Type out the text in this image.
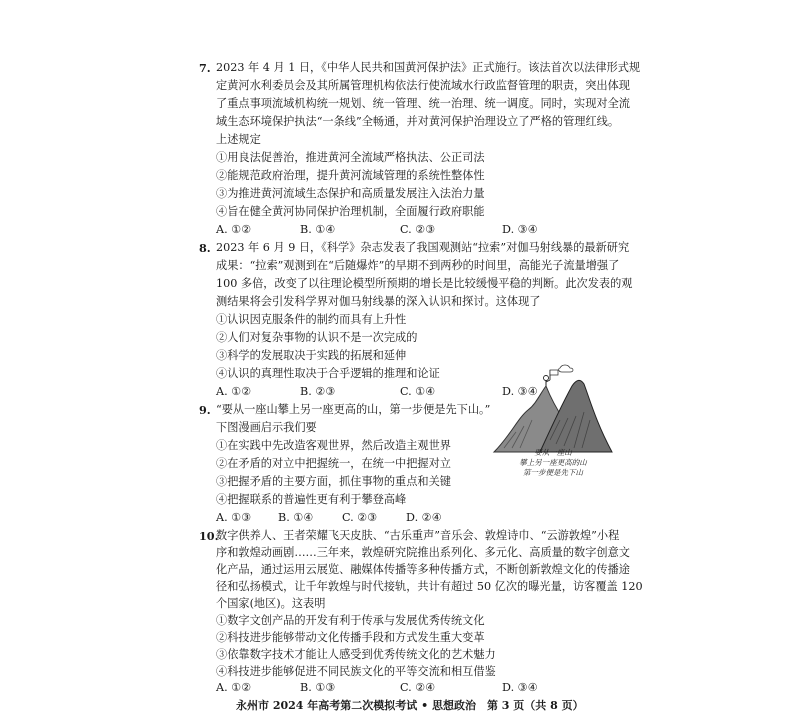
7. 2023 年 4 月 1 日，《中华人民共和国黄河保护法》正式施行。该法首次以法律形式规
定黄河水利委员会及其所属管理机构依法行使流域水行政监督管理的职责，突出体现
了重点事项流域机构统一规划、统一管理、统一治理、统一调度。同时，实现对全流
域生态环境保护执法“一条线”全畅通，并对黄河保护治理设立了严格的管理红线。
上述规定
①用良法促善治，推进黄河全流域严格执法、公正司法
②能规范政府治理，提升黄河流域管理的系统性整体性
③为推进黄河流域生态保护和高质量发展注入法治力量
④旨在健全黄河协同保护治理机制，全面履行政府职能
A. ①②	B. ①④	C. ②③	D. ③④
8. 2023 年 6 月 9 日，《科学》杂志发表了我国观测站“拉索”对伽马射线暴的最新研究
成果：“拉索”观测到在“后随爆炸”的早期不到两秒的时间里，高能光子流量增强了
100 多倍，改变了以往理论模型所预期的增长是比较缓慢平稳的判断。此次发表的观
测结果将会引发科学界对伽马射线暴的深入认识和探讨。这体现了
①认识因克服条件的制约而具有上升性
②人们对复杂事物的认识不是一次完成的
③科学的发展取决于实践的拓展和延伸
④认识的真理性取决于合乎逻辑的推理和论证
A. ①②	B. ②③	C. ①④	D. ③④
9. “要从一座山攀上另一座更高的山，第一步便是先下山。”
下图漫画启示我们要
①在实践中先改造客观世界，然后改造主观世界
②在矛盾的对立中把握统一，在统一中把握对立
③把握矛盾的主要方面，抓住事物的重点和关键
④把握联系的普遍性更有利于攀登高峰
A. ①③ B. ①④	C. ②③	D. ②④
要从一座山
攀上另一座更高的山
第一步便是先下山
10.
数字供养人、王者荣耀飞天皮肤、“古乐重声”音乐会、敦煌诗巾、“云游敦煌”小程
序和敦煌动画剧……三年来，敦煌研究院推出系列化、多元化、高质量的数字创意文
化产品，通过运用云展览、融媒体传播等多种传播方式，不断创新敦煌文化的传播途
径和弘扬模式，让千年敦煌与时代接轨，共计有超过 50 亿次的曝光量，访客覆盖 120
个国家(地区)。这表明
①数字文创产品的开发有利于传承与发展优秀传统文化
②科技进步能够带动文化传播手段和方式发生重大变革
③依靠数字技术才能让人感受到优秀传统文化的艺术魅力
④科技进步能够促进不同民族文化的平等交流和相互借鉴
A. ①②	B. ①③	C. ②④	D. ③④
永州市 2024 年高考第二次模拟考试 • 思想政治　第 3 页（共 8 页）
